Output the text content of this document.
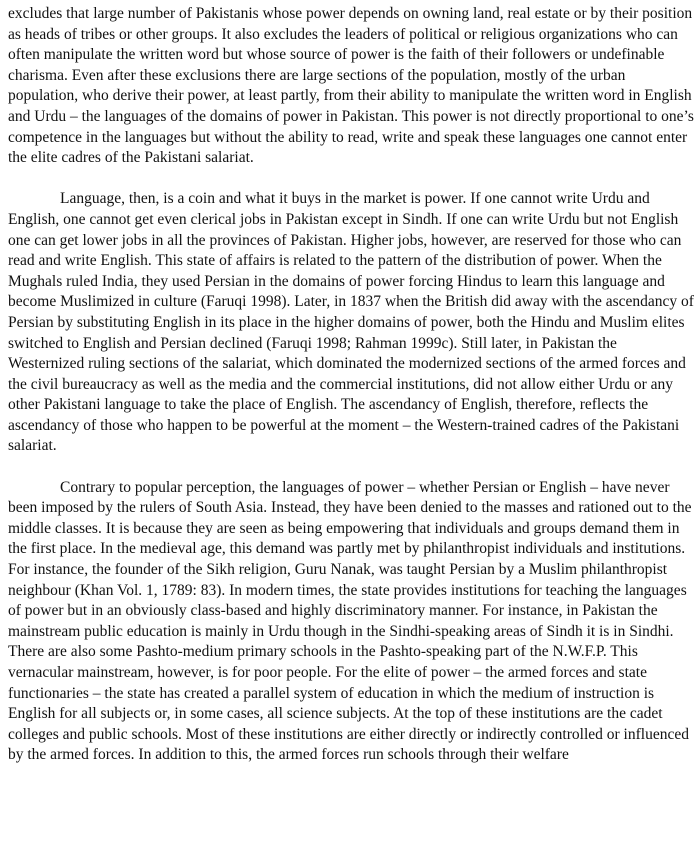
excludes that large number of Pakistanis whose power depends on owning land, real estate or by their position as heads of tribes or other groups. It also excludes the leaders of political or religious organizations who can often manipulate the written word but whose source of power is the faith of their followers or undefinable charisma. Even after these exclusions there are large sections of the population, mostly of the urban population, who derive their power, at least partly, from their ability to manipulate the written word in English and Urdu – the languages of the domains of power in Pakistan. This power is not directly proportional to one’s competence in the languages but without the ability to read, write and speak these languages one cannot enter the elite cadres of the Pakistani salariat.

Language, then, is a coin and what it buys in the market is power. If one cannot write Urdu and English, one cannot get even clerical jobs in Pakistan except in Sindh. If one can write Urdu but not English one can get lower jobs in all the provinces of Pakistan. Higher jobs, however, are reserved for those who can read and write English. This state of affairs is related to the pattern of the distribution of power. When the Mughals ruled India, they used Persian in the domains of power forcing Hindus to learn this language and become Muslimized in culture (Faruqi 1998). Later, in 1837 when the British did away with the ascendancy of Persian by substituting English in its place in the higher domains of power, both the Hindu and Muslim elites switched to English and Persian declined (Faruqi 1998; Rahman 1999c). Still later, in Pakistan the Westernized ruling sections of the salariat, which dominated the modernized sections of the armed forces and the civil bureaucracy as well as the media and the commercial institutions, did not allow either Urdu or any other Pakistani language to take the place of English. The ascendancy of English, therefore, reflects the ascendancy of those who happen to be powerful at the moment – the Western-trained cadres of the Pakistani salariat.

Contrary to popular perception, the languages of power – whether Persian or English – have never been imposed by the rulers of South Asia. Instead, they have been denied to the masses and rationed out to the middle classes. It is because they are seen as being empowering that individuals and groups demand them in the first place. In the medieval age, this demand was partly met by philanthropist individuals and institutions. For instance, the founder of the Sikh religion, Guru Nanak, was taught Persian by a Muslim philanthropist neighbour (Khan Vol. 1, 1789: 83). In modern times, the state provides institutions for teaching the languages of power but in an obviously class-based and highly discriminatory manner. For instance, in Pakistan the mainstream public education is mainly in Urdu though in the Sindhi-speaking areas of Sindh it is in Sindhi. There are also some Pashto-medium primary schools in the Pashto-speaking part of the N.W.F.P. This vernacular mainstream, however, is for poor people. For the elite of power – the armed forces and state functionaries – the state has created a parallel system of education in which the medium of instruction is English for all subjects or, in some cases, all science subjects. At the top of these institutions are the cadet colleges and public schools. Most of these institutions are either directly or indirectly controlled or influenced by the armed forces. In addition to this, the armed forces run schools through their welfare
